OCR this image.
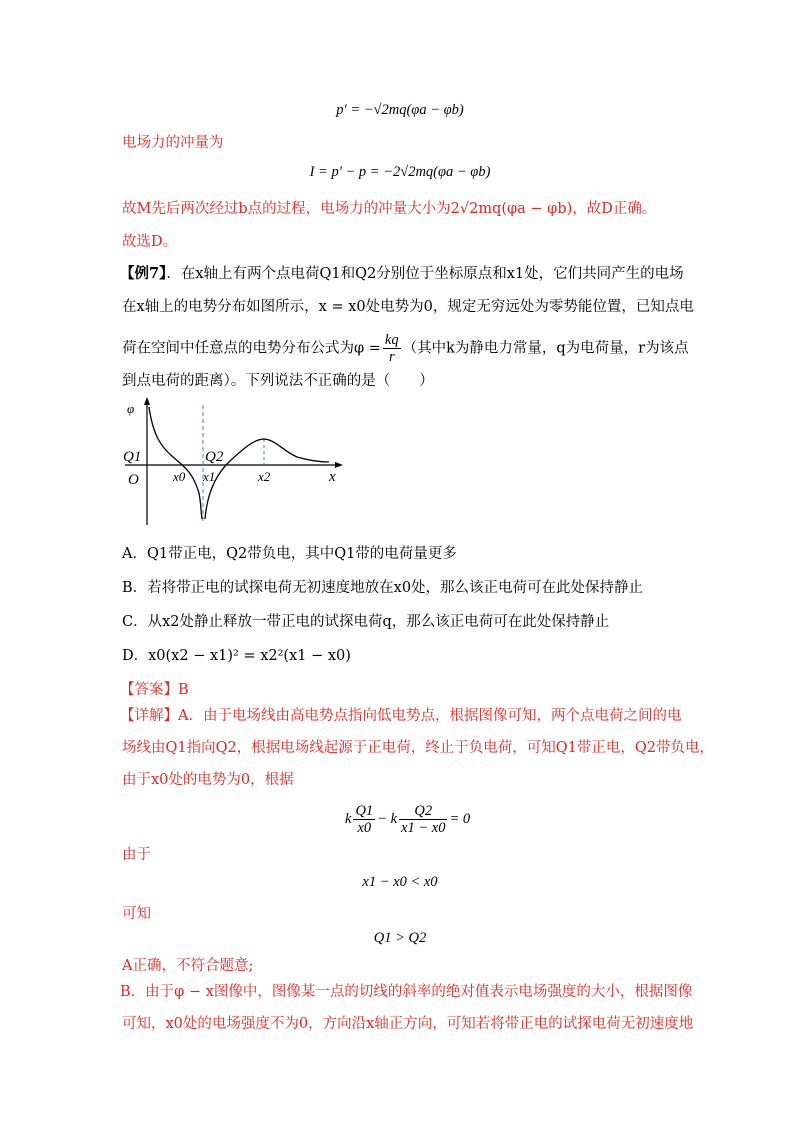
p′ = −√2mq(φa − φb)
电场力的冲量为
I = p′ − p = −2√2mq(φa − φb)
故M先后两次经过b点的过程，电场力的冲量大小为2√2mq(φa − φb)，故D正确。
故选D。
【例7】．在x轴上有两个点电荷Q1和Q2分别位于坐标原点和x1处，它们共同产生的电场
在x轴上的电势分布如图所示，x = x0处电势为0，规定无穷远处为零势能位置，已知点电
荷在空间中任意点的电势分布公式为$\varphi = \frac{kq}{r}$ （其中k为静电力常量，q为电荷量，r为该点
到点电荷的距离）。下列说法不正确的是（　　）
φ
x
O
Q1	Q2
x0 x1	x2
A．Q1带正电，Q2带负电，其中Q1带的电荷量更多
B．若将带正电的试探电荷无初速度地放在x0处，那么该正电荷可在此处保持静止
C．从x2处静止释放一带正电的试探电荷q，那么该正电荷可在此处保持静止
D．x0(x2 − x1)² = x2²(x1 − x0)
【答案】B
【详解】A．由于电场线由高电势点指向低电势点，根据图像可知，两个点电荷之间的电
场线由Q1指向Q2，根据电场线起源于正电荷，终止于负电荷，可知Q1带正电，Q2带负电，
由于x0处的电势为0，根据
k $\frac{Q1}{x0} - k \frac{Q2}{x1 - x0} = 0$
由于
x1 − x0 < x0
可知
Q1 > Q2
A正确，不符合题意;
B．由于φ − x图像中，图像某一点的切线的斜率的绝对值表示电场强度的大小，根据图像
可知，x0处的电场强度不为0，方向沿x轴正方向，可知若将带正电的试探电荷无初速度地
